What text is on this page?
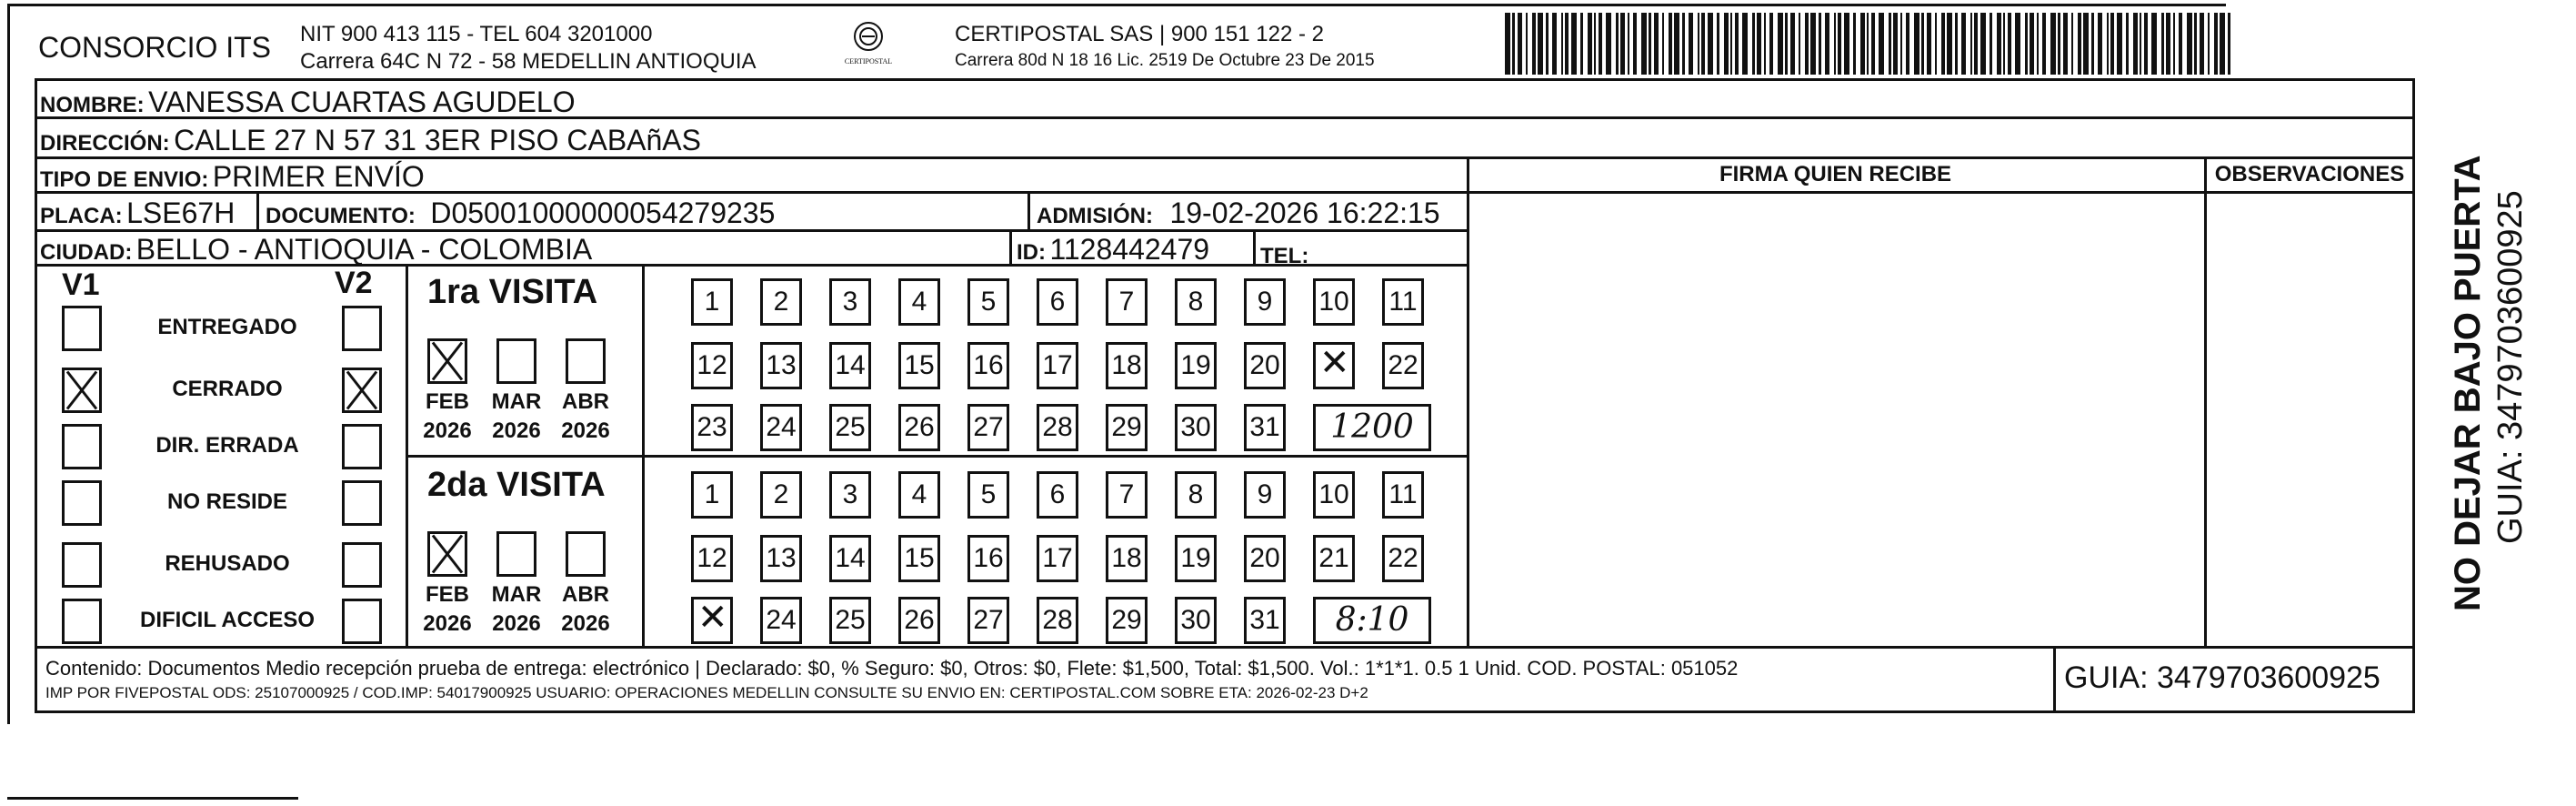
CONSORCIO ITS NIT 900 413 115 - TEL 604 3201000
Carrera 64C N 72 - 58 MEDELLIN ANTIOQUIA	CERTIPOSTAL
CERTIPOSTAL SAS | 900 151 122 - 2
Carrera 80d N 18 16 Lic. 2519 De Octubre 23 De 2015
NOMBRE: VANESSA CUARTAS AGUDELO
DIRECCIÓN: CALLE 27 N 57 31 3ER PISO CABAñAS
TIPO DE ENVIO: PRIMER ENVÍO
PLACA: LSE67H DOCUMENTO: D05001000000054279235	ADMISIÓN: 19-02-2026 16:22:15
CIUDAD: BELLO - ANTIOQUIA - COLOMBIA	ID: 1128442479 TEL:
FIRMA QUIEN RECIBE	OBSERVACIONES
V1	V2
ENTREGADO
CERRADO
DIR. ERRADA
NO RESIDE
REHUSADO
DIFICIL ACCESO
1ra VISITA
FEB
2026
MAR
2026
ABR
2026
1	2	3	4	5	6	7	8	9	10 11
12 13 14 15 16 17 18 19 20
✕	22
23 24 25 26 27 28 29 30 31	1200
2da VISITA
FEB
2026
MAR
2026
ABR
2026
1	2	3	4	5	6	7	8	9	10 11
12 13 14 15 16 17 18 19 20 21 22
✕
24 25 26 27 28 29 30 31	8:10
NO DEJAR BAJO PUERTA GUIA: 3479703600925
Contenido: Documentos Medio recepción prueba de entrega: electrónico | Declarado: $0, % Seguro: $0, Otros: $0, Flete: $1,500, Total: $1,500. Vol.: 1*1*1. 0.5 1 Unid. COD. POSTAL: 051052
IMP POR FIVEPOSTAL ODS: 25107000925 / COD.IMP: 54017900925 USUARIO: OPERACIONES MEDELLIN CONSULTE SU ENVIO EN: CERTIPOSTAL.COM SOBRE ETA: 2026-02-23 D+2	GUIA: 3479703600925
